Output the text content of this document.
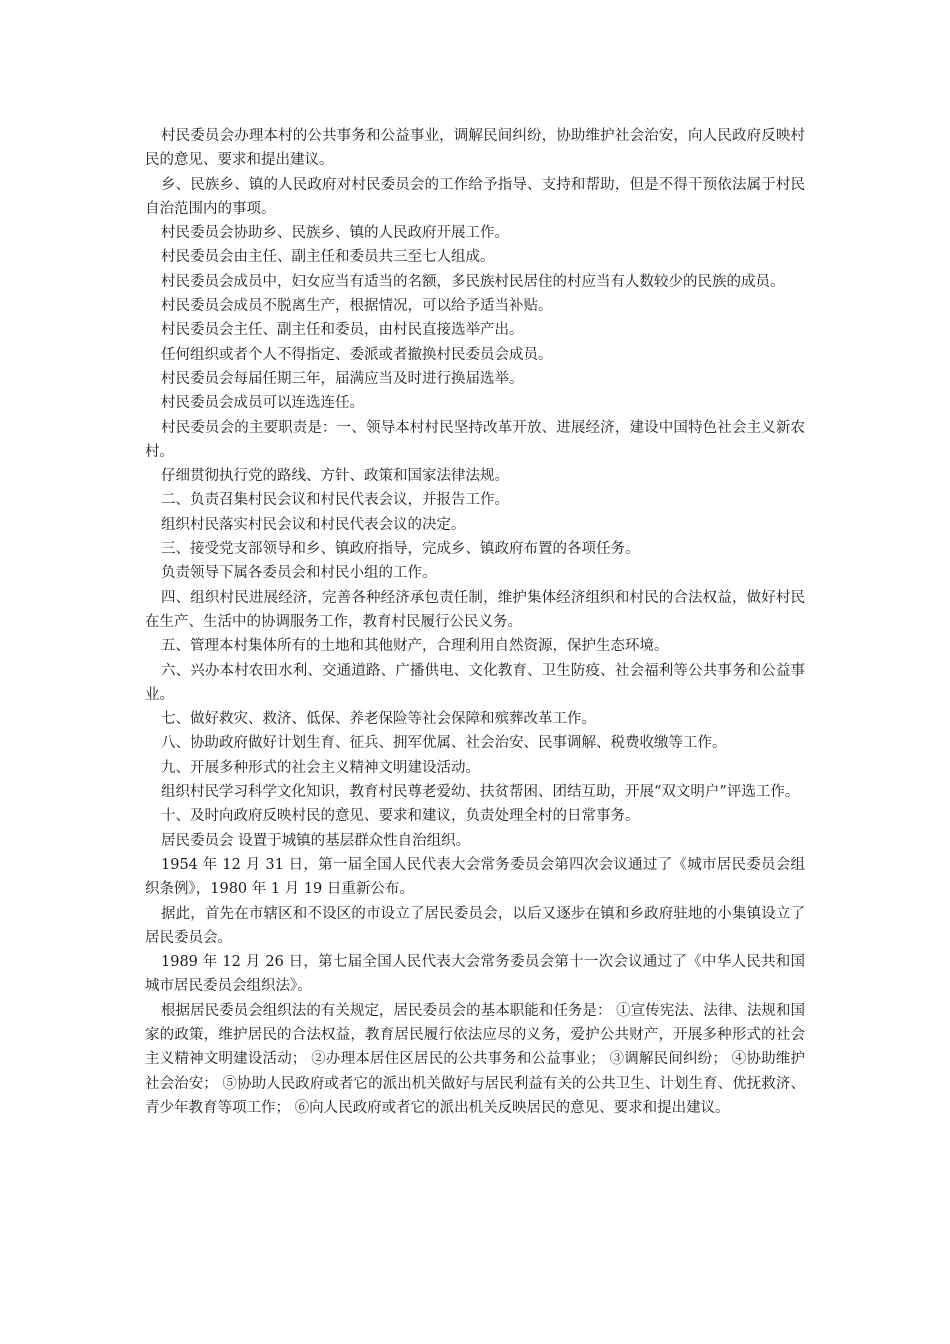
村民委员会办理本村的公共事务和公益事业，调解民间纠纷，协助维护社会治安，向人民政府反映村民的意见、要求和提出建议。

乡、民族乡、镇的人民政府对村民委员会的工作给予指导、支持和帮助，但是不得干预依法属于村民自治范围内的事项。

村民委员会协助乡、民族乡、镇的人民政府开展工作。

村民委员会由主任、副主任和委员共三至七人组成。

村民委员会成员中，妇女应当有适当的名额，多民族村民居住的村应当有人数较少的民族的成员。

村民委员会成员不脱离生产，根据情况，可以给予适当补贴。

村民委员会主任、副主任和委员，由村民直接选举产出。

任何组织或者个人不得指定、委派或者撤换村民委员会成员。

村民委员会每届任期三年，届满应当及时进行换届选举。

村民委员会成员可以连选连任。

村民委员会的主要职责是：一、领导本村村民坚持改革开放、进展经济，建设中国特色社会主义新农村。

仔细贯彻执行党的路线、方针、政策和国家法律法规。

二、负责召集村民会议和村民代表会议，并报告工作。

组织村民落实村民会议和村民代表会议的决定。

三、接受党支部领导和乡、镇政府指导，完成乡、镇政府布置的各项任务。

负责领导下属各委员会和村民小组的工作。

四、组织村民进展经济，完善各种经济承包责任制，维护集体经济组织和村民的合法权益，做好村民在生产、生活中的协调服务工作，教育村民履行公民义务。

五、管理本村集体所有的土地和其他财产，合理利用自然资源，保护生态环境。

六、兴办本村农田水利、交通道路、广播供电、文化教育、卫生防疫、社会福利等公共事务和公益事业。

七、做好救灾、救济、低保、养老保险等社会保障和殡葬改革工作。

八、协助政府做好计划生育、征兵、拥军优属、社会治安、民事调解、税费收缴等工作。

九、开展多种形式的社会主义精神文明建设活动。

组织村民学习科学文化知识，教育村民尊老爱幼、扶贫帮困、团结互助，开展“双文明户”评选工作。

十、及时向政府反映村民的意见、要求和建议，负责处理全村的日常事务。

居民委员会 设置于城镇的基层群众性自治组织。

1954 年 12 月 31 日，第一届全国人民代表大会常务委员会第四次会议通过了《城市居民委员会组织条例》，1980 年 1 月 19 日重新公布。

据此，首先在市辖区和不设区的市设立了居民委员会，以后又逐步在镇和乡政府驻地的小集镇设立了居民委员会。

1989 年 12 月 26 日，第七届全国人民代表大会常务委员会第十一次会议通过了《中华人民共和国城市居民委员会组织法》。

根据居民委员会组织法的有关规定，居民委员会的基本职能和任务是： ①宣传宪法、法律、法规和国家的政策，维护居民的合法权益，教育居民履行依法应尽的义务，爱护公共财产，开展多种形式的社会主义精神文明建设活动； ②办理本居住区居民的公共事务和公益事业； ③调解民间纠纷； ④协助维护社会治安； ⑤协助人民政府或者它的派出机关做好与居民利益有关的公共卫生、计划生育、优抚救济、青少年教育等项工作； ⑥向人民政府或者它的派出机关反映居民的意见、要求和提出建议。
